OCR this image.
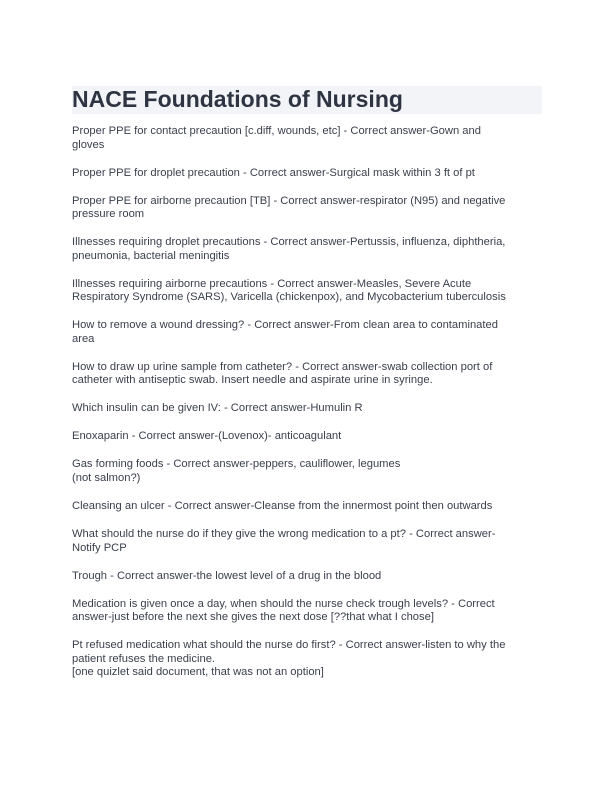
NACE Foundations of Nursing
Proper PPE for contact precaution [c.diff, wounds, etc] - Correct answer-Gown and
gloves
Proper PPE for droplet precaution - Correct answer-Surgical mask within 3 ft of pt
Proper PPE for airborne precaution [TB] - Correct answer-respirator (N95) and negative
pressure room
Illnesses requiring droplet precautions - Correct answer-Pertussis, influenza, diphtheria,
pneumonia, bacterial meningitis
Illnesses requiring airborne precautions - Correct answer-Measles, Severe Acute
Respiratory Syndrome (SARS), Varicella (chickenpox), and Mycobacterium tuberculosis
How to remove a wound dressing? - Correct answer-From clean area to contaminated
area
How to draw up urine sample from catheter? - Correct answer-swab collection port of
catheter with antiseptic swab. Insert needle and aspirate urine in syringe.
Which insulin can be given IV: - Correct answer-Humulin R
Enoxaparin - Correct answer-(Lovenox)- anticoagulant
Gas forming foods - Correct answer-peppers, cauliflower, legumes
(not salmon?)
Cleansing an ulcer - Correct answer-Cleanse from the innermost point then outwards
What should the nurse do if they give the wrong medication to a pt? - Correct answer-
Notify PCP
Trough - Correct answer-the lowest level of a drug in the blood
Medication is given once a day, when should the nurse check trough levels? - Correct
answer-just before the next she gives the next dose [??that what I chose]
Pt refused medication what should the nurse do first? - Correct answer-listen to why the
patient refuses the medicine.
[one quizlet said document, that was not an option]
